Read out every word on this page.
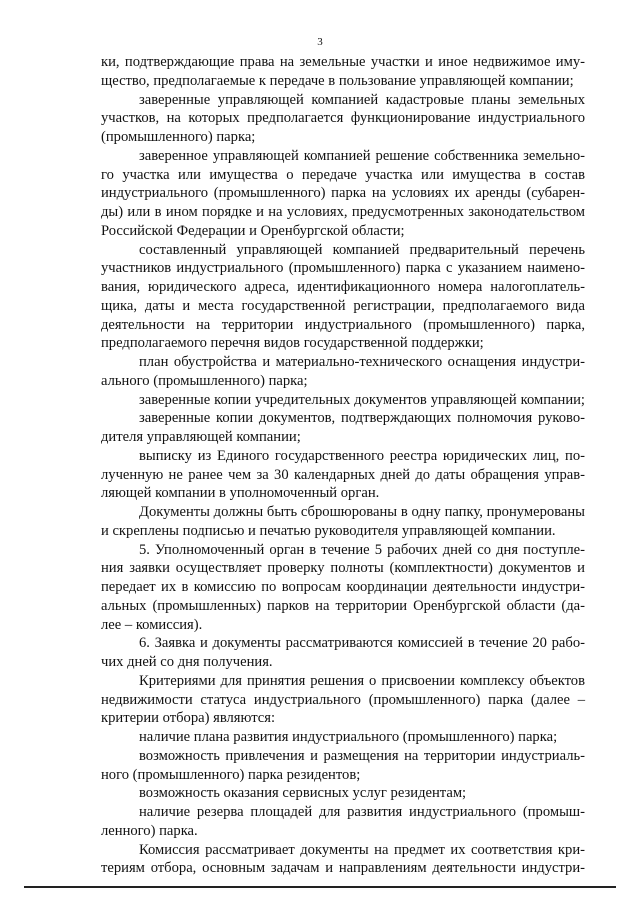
3
ки, подтверждающие права на земельные участки и иное недвижимое иму-
щество, предполагаемые к передаче в пользование управляющей компании;
заверенные управляющей компанией кадастровые планы земельных
участков, на которых предполагается функционирование индустриального
(промышленного) парка;
заверенное управляющей компанией решение собственника земельно-
го участка или имущества о передаче участка или имущества в состав
индустриального (промышленного) парка на условиях их аренды (субарен-
ды) или в ином порядке и на условиях, предусмотренных законодательством
Российской Федерации и Оренбургской области;
составленный управляющей компанией предварительный перечень
участников индустриального (промышленного) парка с указанием наимено-
вания, юридического адреса, идентификационного номера налогоплатель-
щика, даты и места государственной регистрации, предполагаемого вида
деятельности на территории индустриального (промышленного) парка,
предполагаемого перечня видов государственной поддержки;
план обустройства и материально-технического оснащения индустри-
ального (промышленного) парка;
заверенные копии учредительных документов управляющей компании;
заверенные копии документов, подтверждающих полномочия руково-
дителя управляющей компании;
выписку из Единого государственного реестра юридических лиц, по-
лученную не ранее чем за 30 календарных дней до даты обращения управ-
ляющей компании в уполномоченный орган.
Документы должны быть сброшюрованы в одну папку, пронумерованы
и скреплены подписью и печатью руководителя управляющей компании.
5. Уполномоченный орган в течение 5 рабочих дней со дня поступле-
ния заявки осуществляет проверку полноты (комплектности) документов и
передает их в комиссию по вопросам координации деятельности индустри-
альных (промышленных) парков на территории Оренбургской области (да-
лее – комиссия).
6. Заявка и документы рассматриваются комиссией в течение 20 рабо-
чих дней со дня получения.
Критериями для принятия решения о присвоении комплексу объектов
недвижимости статуса индустриального (промышленного) парка (далее –
критерии отбора) являются:
наличие плана развития индустриального (промышленного) парка;
возможность привлечения и размещения на территории индустриаль-
ного (промышленного) парка резидентов;
возможность оказания сервисных услуг резидентам;
наличие резерва площадей для развития индустриального (промыш-
ленного) парка.
Комиссия рассматривает документы на предмет их соответствия кри-
териям отбора, основным задачам и направлениям деятельности индустри-
